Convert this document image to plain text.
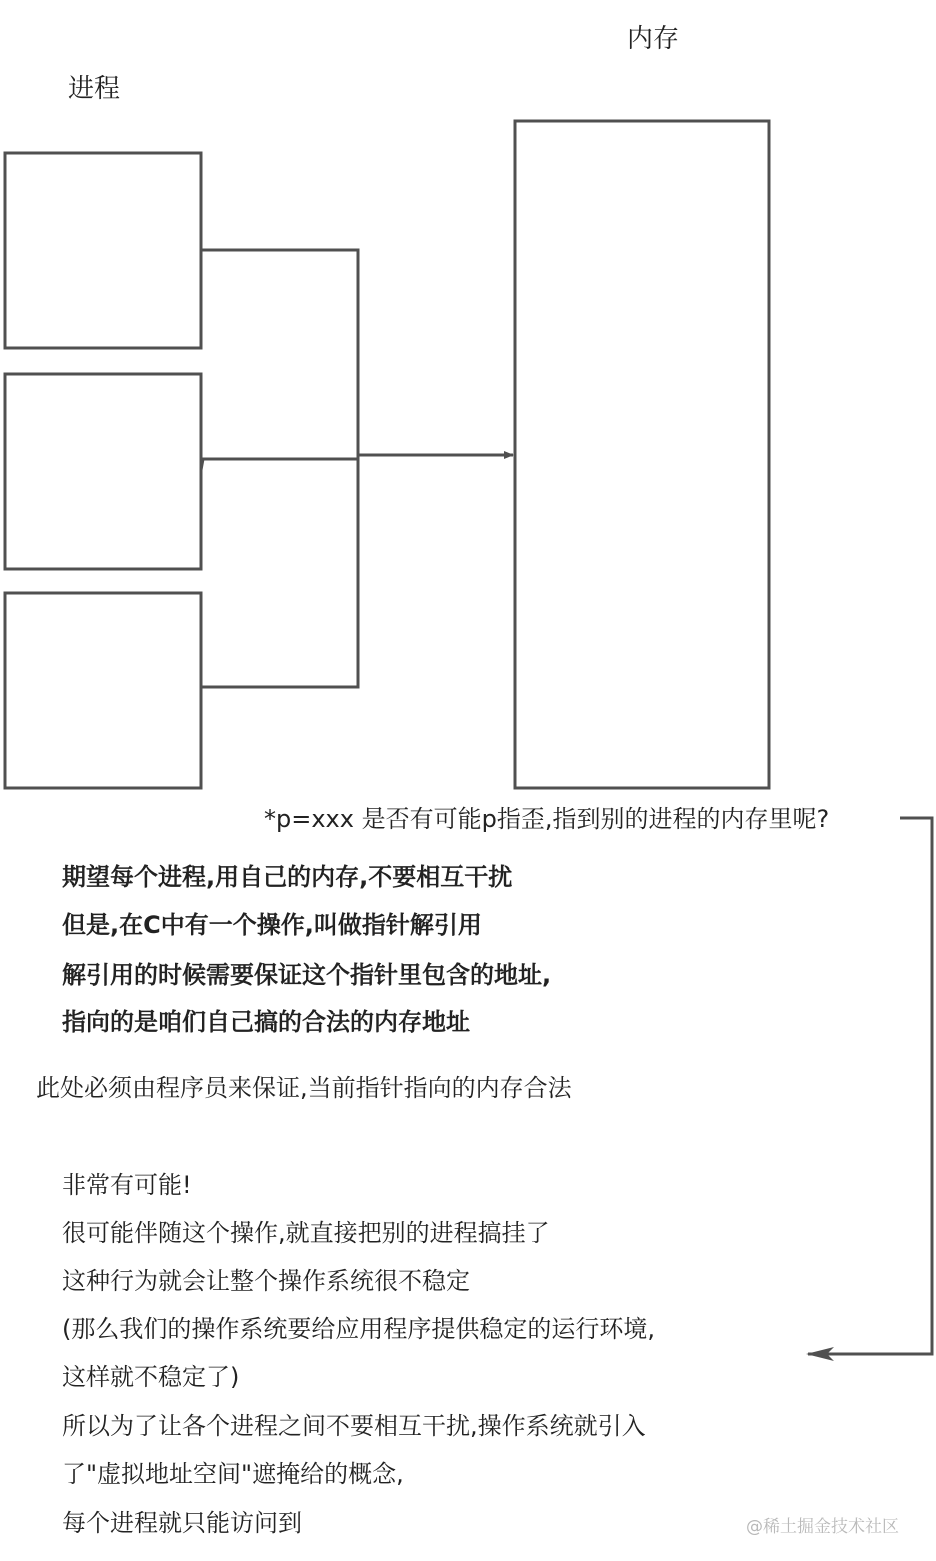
进程
内存
*p=xxx 是否有可能p指歪,指到别的进程的内存里呢?
期望每个进程,用自己的内存,不要相互干扰
但是,在C中有一个操作,叫做指针解引用
解引用的时候需要保证这个指针里包含的地址,
指向的是咱们自己搞的合法的内存地址
此处必须由程序员来保证,当前指针指向的内存合法
非常有可能!
很可能伴随这个操作,就直接把别的进程搞挂了
这种行为就会让整个操作系统很不稳定
(那么我们的操作系统要给应用程序提供稳定的运行环境,
这样就不稳定了)
所以为了让各个进程之间不要相互干扰,操作系统就引入
了"虚拟地址空间"遮掩给的概念,
每个进程就只能访问到	@稀土掘金技术社区
